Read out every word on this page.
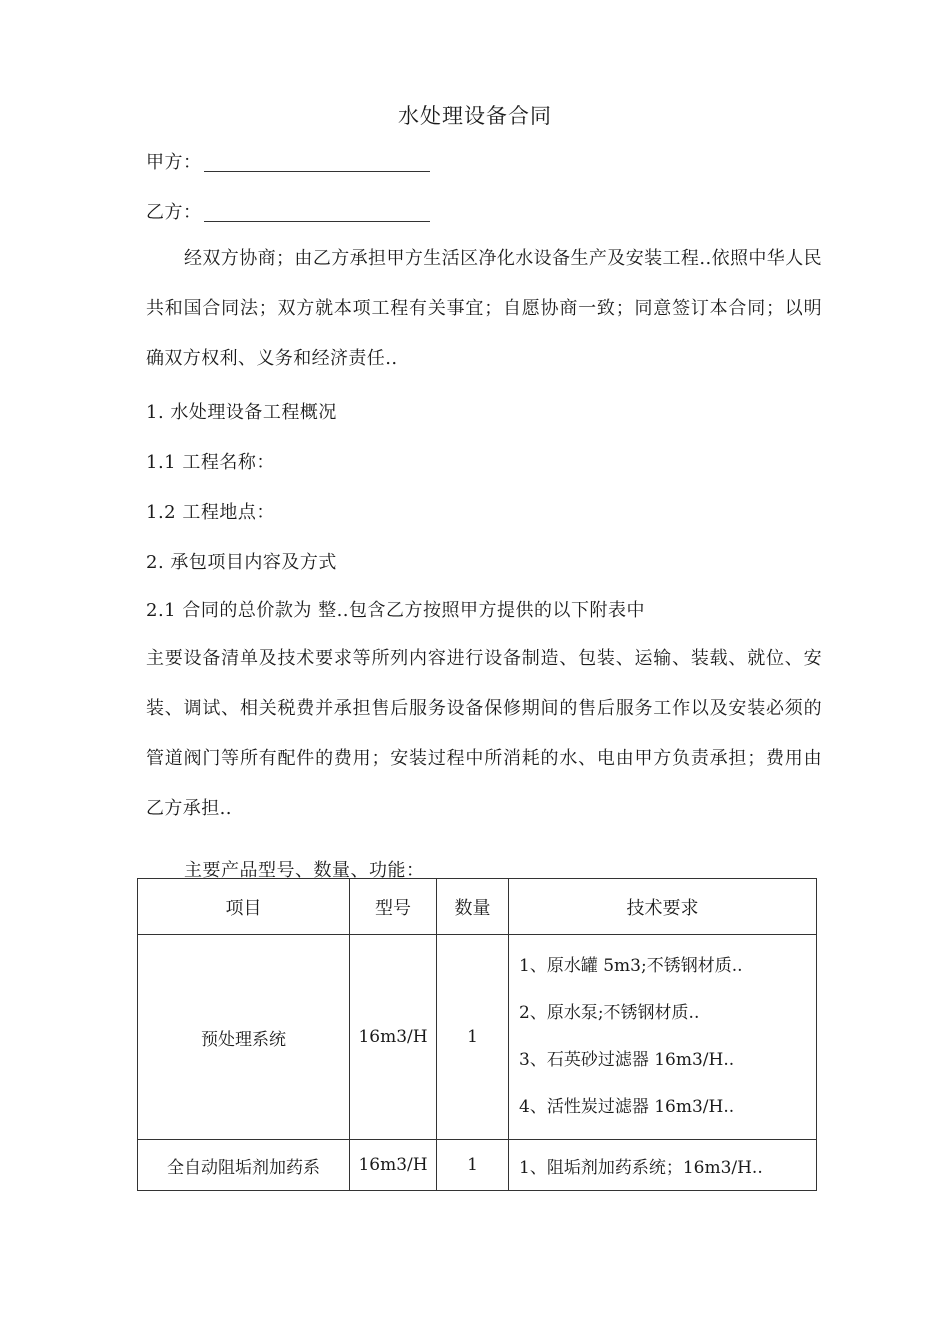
水处理设备合同
甲方：
乙方：
经双方协商；由乙方承担甲方生活区净化水设备生产及安装工程..依照中华人民共和国合同法；双方就本项工程有关事宜；自愿协商一致；同意签订本合同；以明确双方权利、义务和经济责任..
1. 水处理设备工程概况
1.1 工程名称：
1.2 工程地点：
2. 承包项目内容及方式
2.1 合同的总价款为 整..包含乙方按照甲方提供的以下附表中
主要设备清单及技术要求等所列内容进行设备制造、包装、运输、装载、就位、安装、调试、相关税费并承担售后服务设备保修期间的售后服务工作以及安装必须的管道阀门等所有配件的费用；安装过程中所消耗的水、电由甲方负责承担；费用由乙方承担..
主要产品型号、数量、功能：
项目	型号	数量	技术要求
预处理系统	16m3/H	1	1、原水罐 5m3;不锈钢材质..
2、原水泵;不锈钢材质..
3、石英砂过滤器 16m3/H..
4、活性炭过滤器 16m3/H..

全自动阻垢剂加药系	16m3/H	1	1、阻垢剂加药系统；16m3/H..
